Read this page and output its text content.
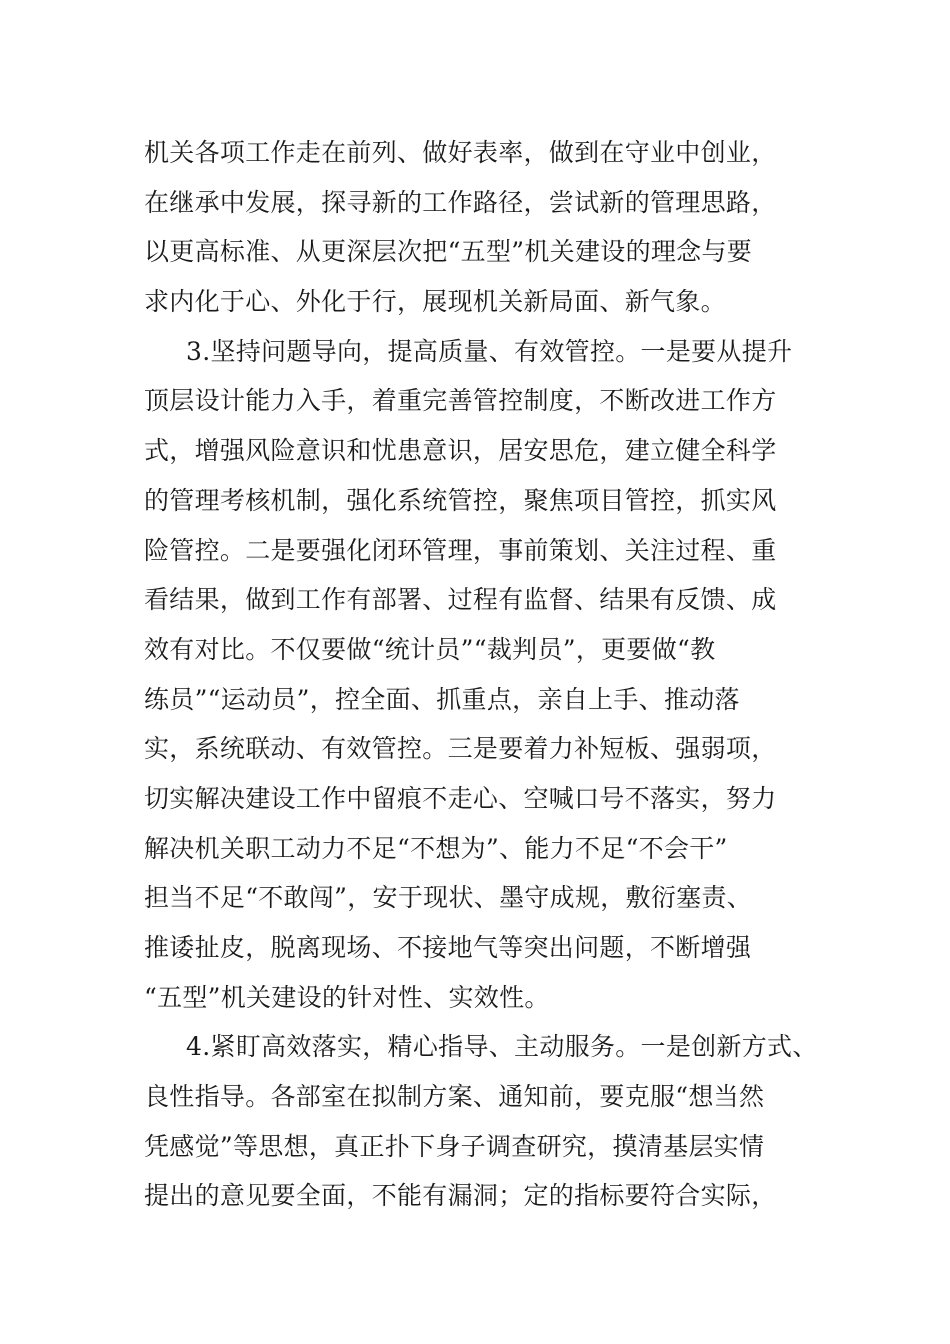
机关各项工作走在前列、做好表率，做到在守业中创业，
在继承中发展，探寻新的工作路径，尝试新的管理思路，
以更高标准、从更深层次把“五型”机关建设的理念与要
求内化于心、外化于行，展现机关新局面、新气象。
3.坚持问题导向，提高质量、有效管控。一是要从提升
顶层设计能力入手，着重完善管控制度，不断改进工作方
式，增强风险意识和忧患意识，居安思危，建立健全科学
的管理考核机制，强化系统管控，聚焦项目管控，抓实风
险管控。二是要强化闭环管理，事前策划、关注过程、重
看结果，做到工作有部署、过程有监督、结果有反馈、成
效有对比。不仅要做“统计员”“裁判员”，更要做“教
练员”“运动员”，控全面、抓重点，亲自上手、推动落
实，系统联动、有效管控。三是要着力补短板、强弱项，
切实解决建设工作中留痕不走心、空喊口号不落实，努力
解决机关职工动力不足“不想为”、能力不足“不会干”
担当不足“不敢闯”，安于现状、墨守成规，敷衍塞责、
推诿扯皮，脱离现场、不接地气等突出问题，不断增强
“五型”机关建设的针对性、实效性。
4.紧盯高效落实，精心指导、主动服务。一是创新方式、
良性指导。各部室在拟制方案、通知前，要克服“想当然
凭感觉”等思想，真正扑下身子调查研究，摸清基层实情
提出的意见要全面，不能有漏洞；定的指标要符合实际，
